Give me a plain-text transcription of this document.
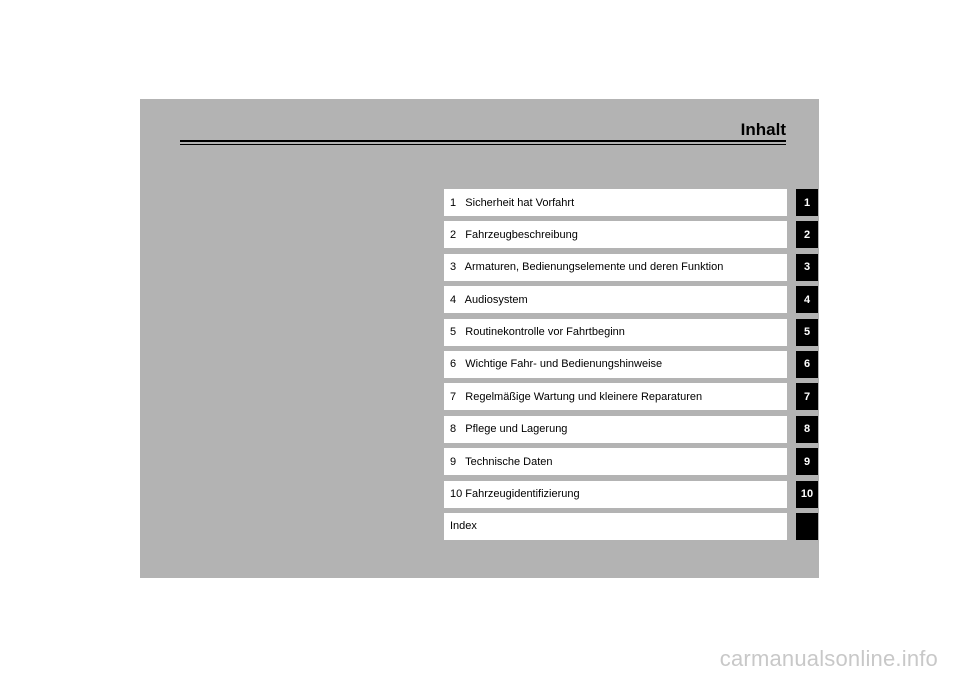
Inhalt
1   Sicherheit hat Vorfahrt	1
2   Fahrzeugbeschreibung	2
3   Armaturen, Bedienungselemente und deren Funktion	3
4   Audiosystem	4
5   Routinekontrolle vor Fahrtbeginn	5
6   Wichtige Fahr- und Bedienungshinweise	6
7   Regelmäßige Wartung und kleinere Reparaturen	7
8   Pflege und Lagerung	8
9   Technische Daten	9
10 Fahrzeugidentifizierung	10
Index
carmanualsonline.info
